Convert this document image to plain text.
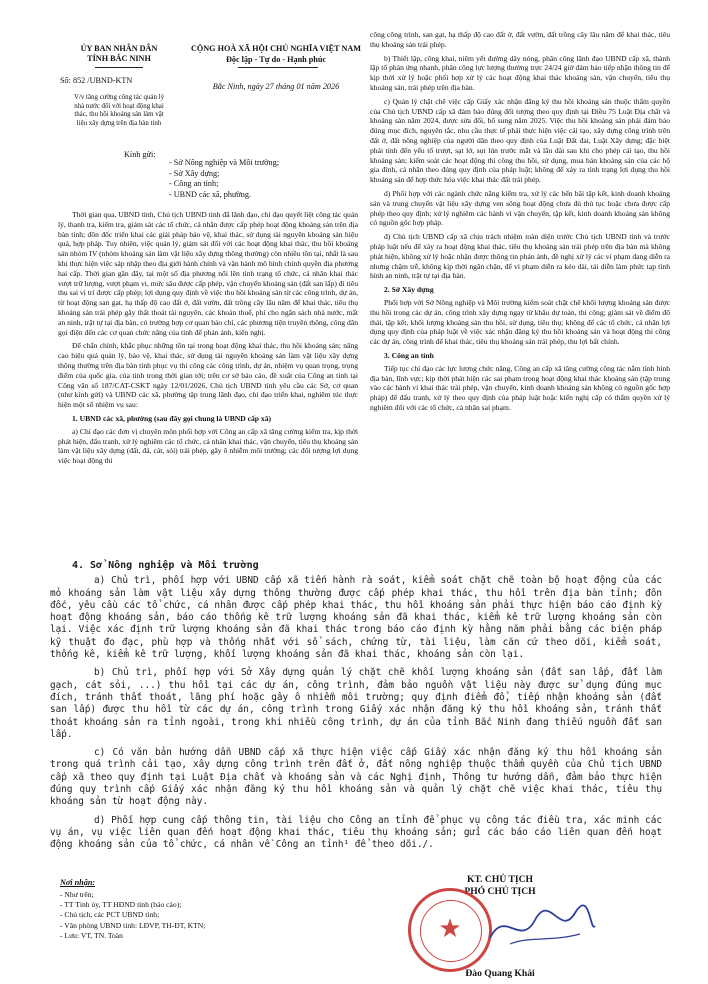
ỦY BAN NHÂN DÂN
TỈNH BẮC NINH
Số: 852 /UBND-KTN
V/v tăng cường công tác quản lý
nhà nước đối với hoạt động khai
thác, thu hồi khoáng sản làm vật
liệu xây dựng trên địa bàn tỉnh
CỘNG HOÀ XÃ HỘI CHỦ NGHĨA VIỆT NAM
Độc lập - Tự do - Hạnh phúc
Bắc Ninh, ngày 27 tháng 01 năm 2026
Kính gửi:
- Sở Nông nghiệp và Môi trường;
- Sở Xây dựng;
- Công an tỉnh;
- UBND các xã, phường.

Thời gian qua, UBND tỉnh, Chủ tịch UBND tỉnh đã lãnh đạo, chỉ đạo quyết liệt công tác quản lý, thanh tra, kiểm tra, giám sát các tổ chức, cá nhân được cấp phép hoạt động khoáng sản trên địa bàn tỉnh; đôn đốc triển khai các giải pháp bảo vệ, khai thác, sử dụng tài nguyên khoáng sản hiệu quả, hợp pháp. Tuy nhiên, việc quản lý, giám sát đối với các hoạt động khai thác, thu hồi khoáng sản nhóm IV (nhóm khoáng sản làm vật liệu xây dựng thông thường) còn nhiều tồn tại, nhất là sau khi thực hiện việc sáp nhập theo địa giới hành chính và vận hành mô hình chính quyền địa phương hai cấp. Thời gian gần đây, tại một số địa phương nổi lên tình trạng tổ chức, cá nhân khai thác vượt trữ lượng, vượt phạm vi, mức sâu được cấp phép, vận chuyển khoáng sản (đất san lấp) đi tiêu thụ sai vị trí được cấp phép; lợi dụng quy định về việc thu hồi khoáng sản từ các công trình, dự án, từ hoạt động san gạt, hạ thấp độ cao đất ở, đất vườn, đất trồng cây lâu năm để khai thác, tiêu thụ khoáng sản trái phép gây thất thoát tài nguyên, các khoản thuế, phí cho ngân sách nhà nước, mất an ninh, trật tự tại địa bàn, có trường hợp cơ quan báo chí, các phương tiện truyền thông, công dân gọi điện đến các cơ quan chức năng của tỉnh để phản ánh, kiến nghị.

Để chấn chỉnh, khắc phục những tồn tại trong hoạt động khai thác, thu hồi khoáng sản; nâng cao hiệu quả quản lý, bảo vệ, khai thác, sử dụng tài nguyên khoáng sản làm vật liệu xây dựng thông thường trên địa bàn tỉnh phục vụ thi công các công trình, dự án, nhiệm vụ quan trọng, trọng điểm của quốc gia, của tỉnh trong thời gian tới; trên cơ sở báo cáo, đề xuất của Công an tỉnh tại Công văn số 187/CAT-CSKT ngày 12/01/2026, Chủ tịch UBND tỉnh yêu cầu các Sở, cơ quan (như kính gửi) và UBND các xã, phường tập trung lãnh đạo, chỉ đạo triển khai, nghiêm túc thực hiện một số nhiệm vụ sau:

1. UBND các xã, phường (sau đây gọi chung là UBND cấp xã)

a) Chỉ đạo các đơn vị chuyên môn phối hợp với Công an cấp xã tăng cường kiểm tra, kịp thời phát hiện, đấu tranh, xử lý nghiêm các tổ chức, cá nhân khai thác, vận chuyển, tiêu thụ khoáng sản làm vật liệu xây dựng (đất, đá, cát, sỏi) trái phép, gây ô nhiễm môi trường; các đối tượng lợi dụng việc hoạt động thi

công công trình, san gạt, hạ thấp độ cao đất ở, đất vườn, đất trồng cây lâu năm để khai thác, tiêu thụ khoáng sản trái phép.

b) Thiết lập, công khai, niêm yết đường dây nóng, phân công lãnh đạo UBND cấp xã, thành lập tổ phản ứng nhanh, phân công lực lượng thường trực 24/24 giờ đảm bảo tiếp nhận thông tin để kịp thời xử lý hoặc phối hợp xử lý các hoạt động khai thác khoáng sản, vận chuyển, tiêu thụ khoáng sản, trái phép trên địa bàn.

c) Quản lý chặt chẽ việc cấp Giấy xác nhận đăng ký thu hồi khoáng sản thuộc thẩm quyền của Chủ tịch UBND cấp xã đảm bảo đúng đối tượng theo quy định tại Điều 75 Luật Địa chất và khoáng sản năm 2024, được sửa đổi, bổ sung năm 2025. Việc thu hồi khoáng sản phải đảm bảo đúng mục đích, nguyên tắc, nhu cầu thực tế phải thực hiện việc cải tạo, xây dựng công trình trên đất ở, đất nông nghiệp của người dân theo quy định của Luật Đất đai, Luật Xây dựng; đặc biệt phải tính đến yếu tố trượt, sạt lở, sụt lún trước mắt và lâu dài sau khi cho phép cải tạo, thu hồi khoáng sản; kiểm soát các hoạt động thi công thu hồi, sử dụng, mua bán khoáng sản của các hộ gia đình, cá nhân theo đúng quy định của pháp luật; không để xảy ra tình trạng lợi dụng thu hồi khoáng sản để hợp thức hóa việc khai thác đất trái phép.

d) Phối hợp với các ngành chức năng kiểm tra, xử lý các bến bãi tập kết, kinh doanh khoáng sản và trung chuyển vật liệu xây dựng ven sông hoạt động chưa đủ thủ tục hoặc chưa được cấp phép theo quy định; xử lý nghiêm các hành vi vận chuyển, tập kết, kinh doanh khoáng sản không có nguồn gốc hợp pháp.

đ) Chủ tịch UBND cấp xã chịu trách nhiệm toàn diện trước Chủ tịch UBND tỉnh và trước pháp luật nếu để xảy ra hoạt động khai thác, tiêu thụ khoáng sản trái phép trên địa bàn mà không phát hiện, không xử lý hoặc nhận được thông tin phản ánh, đề nghị xử lý các vi phạm đang diễn ra nhưng chậm trễ, không kịp thời ngăn chặn, để vi phạm diễn ra kéo dài, tái diễn làm phức tạp tình hình an ninh, trật tự tại địa bàn.

2. Sở Xây dựng

Phối hợp với Sở Nông nghiệp và Môi trường kiểm soát chặt chẽ khối lượng khoáng sản được thu hồi trong các dự án, công trình xây dựng ngay từ khâu dự toán, thi công; giám sát về điểm đổ thải, tập kết, khối lượng khoáng sản thu hồi, sử dụng, tiêu thụ; không để các tổ chức, cá nhân lợi dụng quy định của pháp luật về việc xác nhận đăng ký thu hồi khoáng sản và hoạt động thi công các dự án, công trình để khai thác, tiêu thụ khoáng sản trái phép, thu lợi bất chính.

3. Công an tỉnh

Tiếp tục chỉ đạo các lực lượng chức năng, Công an cấp xã tăng cường công tác nắm tình hình địa bàn, lĩnh vực; kịp thời phát hiện các sai phạm trong hoạt động khai thác khoáng sản (tập trung vào các hành vi khai thác trái phép, vận chuyển, kinh doanh khoáng sản không có nguồn gốc hợp pháp) để đấu tranh, xử lý theo quy định của pháp luật hoặc kiến nghị cấp có thẩm quyền xử lý nghiêm đối với các tổ chức, cá nhân sai phạm.

4. Sở Nông nghiệp và Môi trường

a) Chủ trì, phối hợp với UBND cấp xã tiến hành rà soát, kiểm soát chặt chẽ toàn bộ hoạt động của các mỏ khoáng sản làm vật liệu xây dựng thông thường được cấp phép khai thác, thu hồi trên địa bàn tỉnh; đôn đốc, yêu cầu các tổ chức, cá nhân được cấp phép khai thác, thu hồi khoáng sản phải thực hiện báo cáo định kỳ hoạt động khoáng sản, báo cáo thống kê trữ lượng khoáng sản đã khai thác, kiểm kê trữ lượng khoáng sản còn lại. Việc xác định trữ lượng khoáng sản đã khai thác trong báo cáo định kỳ hằng năm phải bằng các biện pháp kỹ thuật đo đạc, phù hợp và thống nhất với sổ sách, chứng từ, tài liệu, làm căn cứ theo dõi, kiểm soát, thống kê, kiểm kê trữ lượng, khối lượng khoáng sản đã khai thác, khoáng sản còn lại.

b) Chủ trì, phối hợp với Sở Xây dựng quản lý chặt chẽ khối lượng khoáng sản (đất san lấp, đất làm gạch, cát sỏi, ...) thu hồi tại các dự án, công trình, đảm bảo nguồn vật liệu này được sử dụng đúng mục đích, tránh thất thoát, lãng phí hoặc gây ô nhiễm môi trường; quy định điểm đổ, tiếp nhận khoáng sản (đất san lấp) được thu hồi từ các dự án, công trình trong Giấy xác nhận đăng ký thu hồi khoáng sản, tránh thất thoát khoáng sản ra tỉnh ngoài, trong khi nhiều công trình, dự án của tỉnh Bắc Ninh đang thiếu nguồn đất san lấp.

c) Có văn bản hướng dẫn UBND cấp xã thực hiện việc cấp Giấy xác nhận đăng ký thu hồi khoáng sản trong quá trình cải tạo, xây dựng công trình trên đất ở, đất nông nghiệp thuộc thẩm quyền của Chủ tịch UBND cấp xã theo quy định tại Luật Địa chất và khoáng sản và các Nghị định, Thông tư hướng dẫn, đảm bảo thực hiện đúng quy trình cấp Giấy xác nhận đăng ký thu hồi khoáng sản và quản lý chặt chẽ việc khai thác, tiêu thụ khoáng sản từ hoạt động này.

d) Phối hợp cung cấp thông tin, tài liệu cho Công an tỉnh để phục vụ công tác điều tra, xác minh các vụ án, vụ việc liên quan đến hoạt động khai thác, tiêu thụ khoáng sản; gửi các báo cáo liên quan đến hoạt động khoáng sản của tổ chức, cá nhân về Công an tỉnh¹ để theo dõi./.

Nơi nhận:
- Như trên;
- TT Tỉnh ủy, TT HĐND tỉnh (báo cáo);
- Chủ tịch, các PCT UBND tỉnh;
- Văn phòng UBND tỉnh: LĐVP, TH-ĐT, KTN;
- Lưu: VT, TN. Toàn
KT. CHỦ TỊCH
PHÓ CHỦ TỊCH
★
Đào Quang Khải
